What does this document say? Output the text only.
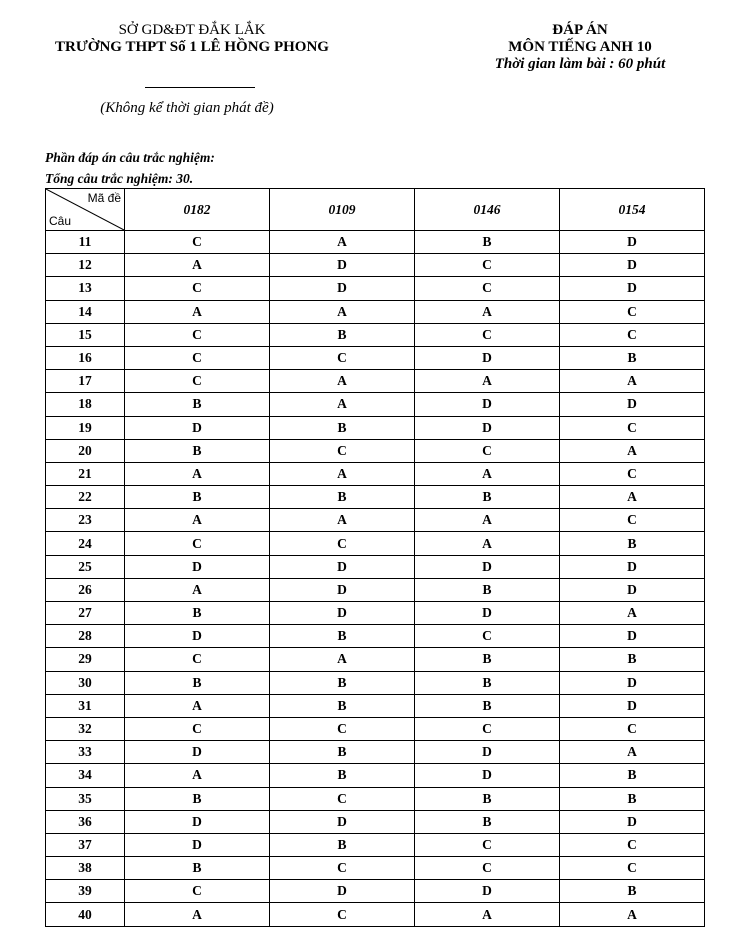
SỞ GD&ĐT ĐẮK LẮK
TRƯỜNG THPT Số 1 LÊ HỒNG PHONG
(Không kể thời gian phát đề)
ĐÁP ÁN
MÔN TIẾNG ANH 10
Thời gian làm bài : 60 phút
Phần đáp án câu trắc nghiệm:
Tổng câu trắc nghiệm: 30.
Mã đề
Câu	0182	0109	0146	0154
11	C	A	B	D
12	A	D	C	D
13	C	D	C	D
14	A	A	A	C
15	C	B	C	C
16	C	C	D	B
17	C	A	A	A
18	B	A	D	D
19	D	B	D	C
20	B	C	C	A
21	A	A	A	C
22	B	B	B	A
23	A	A	A	C
24	C	C	A	B
25	D	D	D	D
26	A	D	B	D
27	B	D	D	A
28	D	B	C	D
29	C	A	B	B
30	B	B	B	D
31	A	B	B	D
32	C	C	C	C
33	D	B	D	A
34	A	B	D	B
35	B	C	B	B
36	D	D	B	D
37	D	B	C	C
38	B	C	C	C
39	C	D	D	B
40	A	C	A	A
